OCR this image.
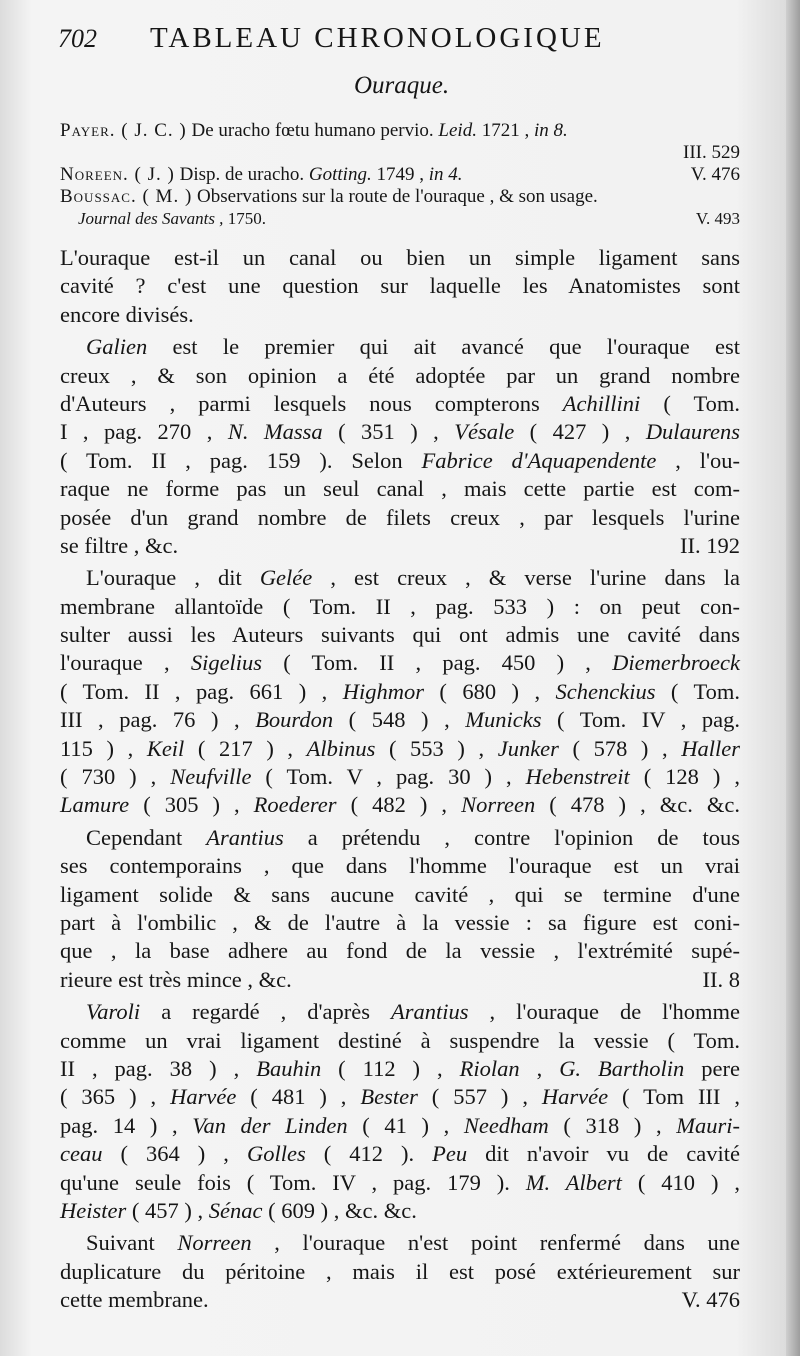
702 TABLEAU CHRONOLOGIQUE
Ouraque.
Payer. ( J. C. ) De uracho fœtu humano pervio. Leid. 1721 , in 8.
III. 529
Noreen. ( J. ) Disp. de uracho. Gotting. 1749 , in 4.	V. 476
Boussac. ( M. ) Observations sur la route de l'ouraque , & son usage.
Journal des Savants , 1750.	V. 493
L'ouraque est-il un canal ou bien un simple ligament sans
cavité ? c'est une question sur laquelle les Anatomistes sont
encore divisés.
Galien est le premier qui ait avancé que l'ouraque est
creux , & son opinion a été adoptée par un grand nombre
d'Auteurs , parmi lesquels nous compterons Achillini ( Tom.
I , pag. 270 , N. Massa ( 351 ) , Vésale ( 427 ) , Dulaurens
( Tom. II , pag. 159 ). Selon Fabrice d'Aquapendente , l'ou-
raque ne forme pas un seul canal , mais cette partie est com-
posée d'un grand nombre de filets creux , par lesquels l'urine
se filtre , &c.	II. 192
L'ouraque , dit Gelée , est creux , & verse l'urine dans la
membrane allantoïde ( Tom. II , pag. 533 ) : on peut con-
sulter aussi les Auteurs suivants qui ont admis une cavité dans
l'ouraque , Sigelius ( Tom. II , pag. 450 ) , Diemerbroeck
( Tom. II , pag. 661 ) , Highmor ( 680 ) , Schenckius ( Tom.
III , pag. 76 ) , Bourdon ( 548 ) , Municks ( Tom. IV , pag.
115 ) , Keil ( 217 ) , Albinus ( 553 ) , Junker ( 578 ) , Haller
( 730 ) , Neufville ( Tom. V , pag. 30 ) , Hebenstreit ( 128 ) ,
Lamure ( 305 ) , Roederer ( 482 ) , Norreen ( 478 ) , &c. &c.
Cependant Arantius a prétendu , contre l'opinion de tous
ses contemporains , que dans l'homme l'ouraque est un vrai
ligament solide & sans aucune cavité , qui se termine d'une
part à l'ombilic , & de l'autre à la vessie : sa figure est coni-
que , la base adhere au fond de la vessie , l'extrémité supé-
rieure est très mince , &c.	II. 8
Varoli a regardé , d'après Arantius , l'ouraque de l'homme
comme un vrai ligament destiné à suspendre la vessie ( Tom.
II , pag. 38 ) , Bauhin ( 112 ) , Riolan , G. Bartholin pere
( 365 ) , Harvée ( 481 ) , Bester ( 557 ) , Harvée ( Tom III ,
pag. 14 ) , Van der Linden ( 41 ) , Needham ( 318 ) , Mauri-
ceau ( 364 ) , Golles ( 412 ). Peu dit n'avoir vu de cavité
qu'une seule fois ( Tom. IV , pag. 179 ). M. Albert ( 410 ) ,
Heister ( 457 ) , Sénac ( 609 ) , &c. &c.
Suivant Norreen , l'ouraque n'est point renfermé dans une
duplicature du péritoine , mais il est posé extérieurement sur
cette membrane.	V. 476
